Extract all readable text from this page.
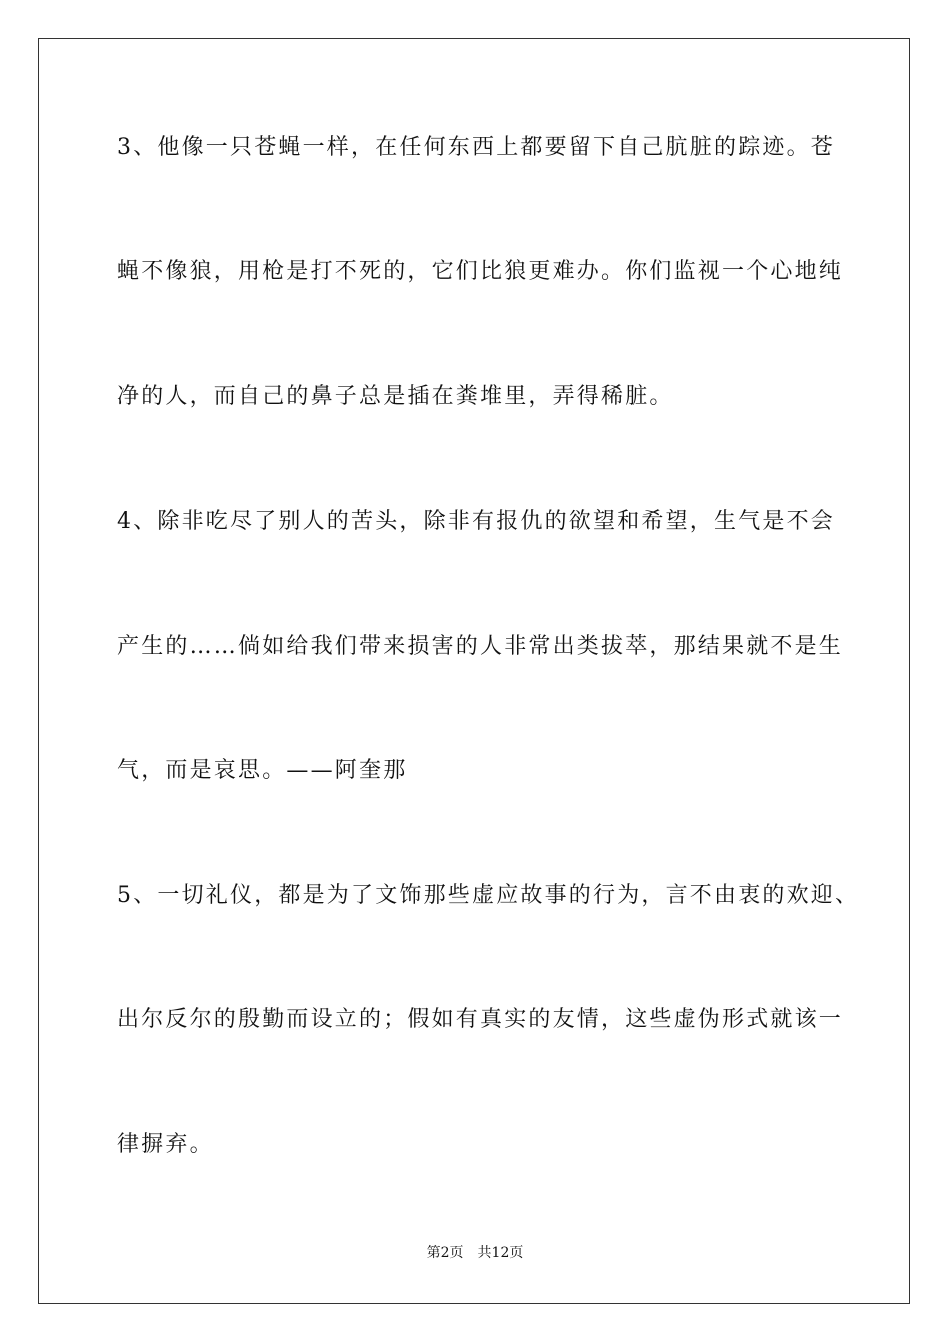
3、他像一只苍蝇一样，在任何东西上都要留下自己肮脏的踪迹。苍
蝇不像狼，用枪是打不死的，它们比狼更难办。你们监视一个心地纯
净的人，而自己的鼻子总是插在粪堆里，弄得稀脏。
4、除非吃尽了别人的苦头，除非有报仇的欲望和希望，生气是不会
产生的……倘如给我们带来损害的人非常出类拔萃，那结果就不是生
气，而是哀思。——阿奎那
5、一切礼仪，都是为了文饰那些虚应故事的行为，言不由衷的欢迎、
出尔反尔的殷勤而设立的；假如有真实的友情，这些虚伪形式就该一
律摒弃。
第2页 共12页
